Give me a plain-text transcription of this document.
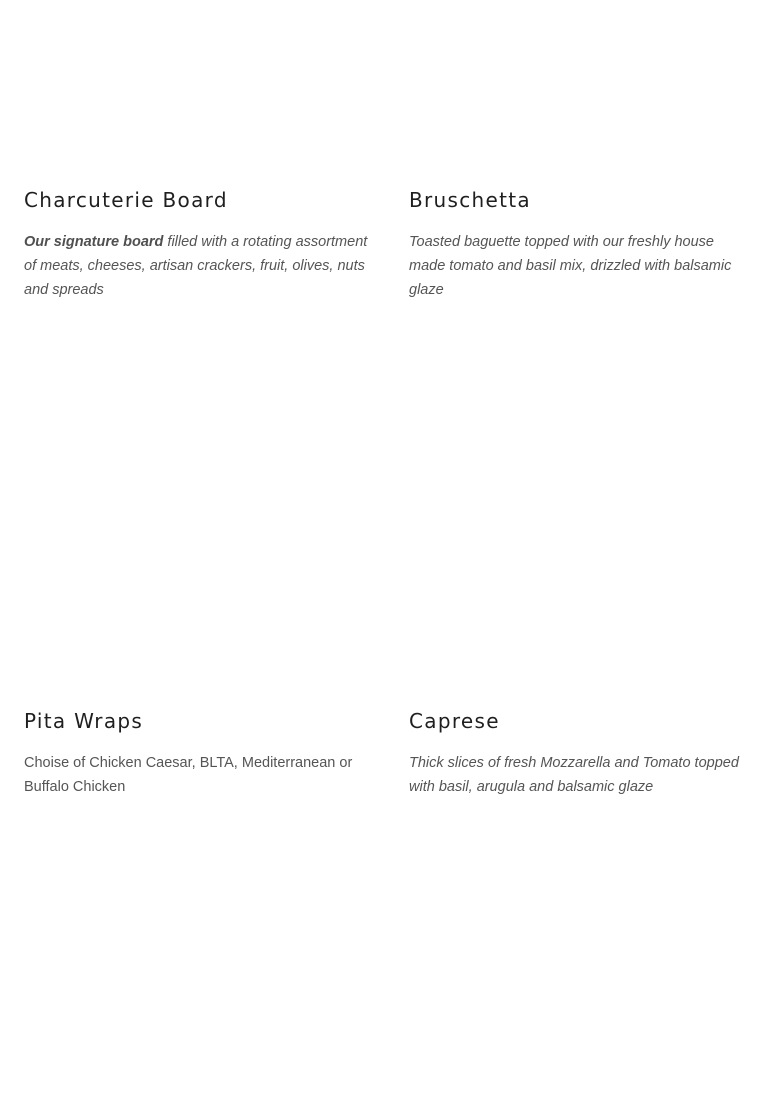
Charcuterie Board

Our signature board filled with a rotating assortment of meats, cheeses, artisan crackers, fruit, olives, nuts and spreads

Bruschetta

Toasted baguette topped with our freshly house made tomato and basil mix, drizzled with balsamic glaze

Pita Wraps

Choise of Chicken Caesar, BLTA, Mediterranean or Buffalo Chicken

Caprese

Thick slices of fresh Mozzarella and Tomato topped with basil, arugula and balsamic glaze
